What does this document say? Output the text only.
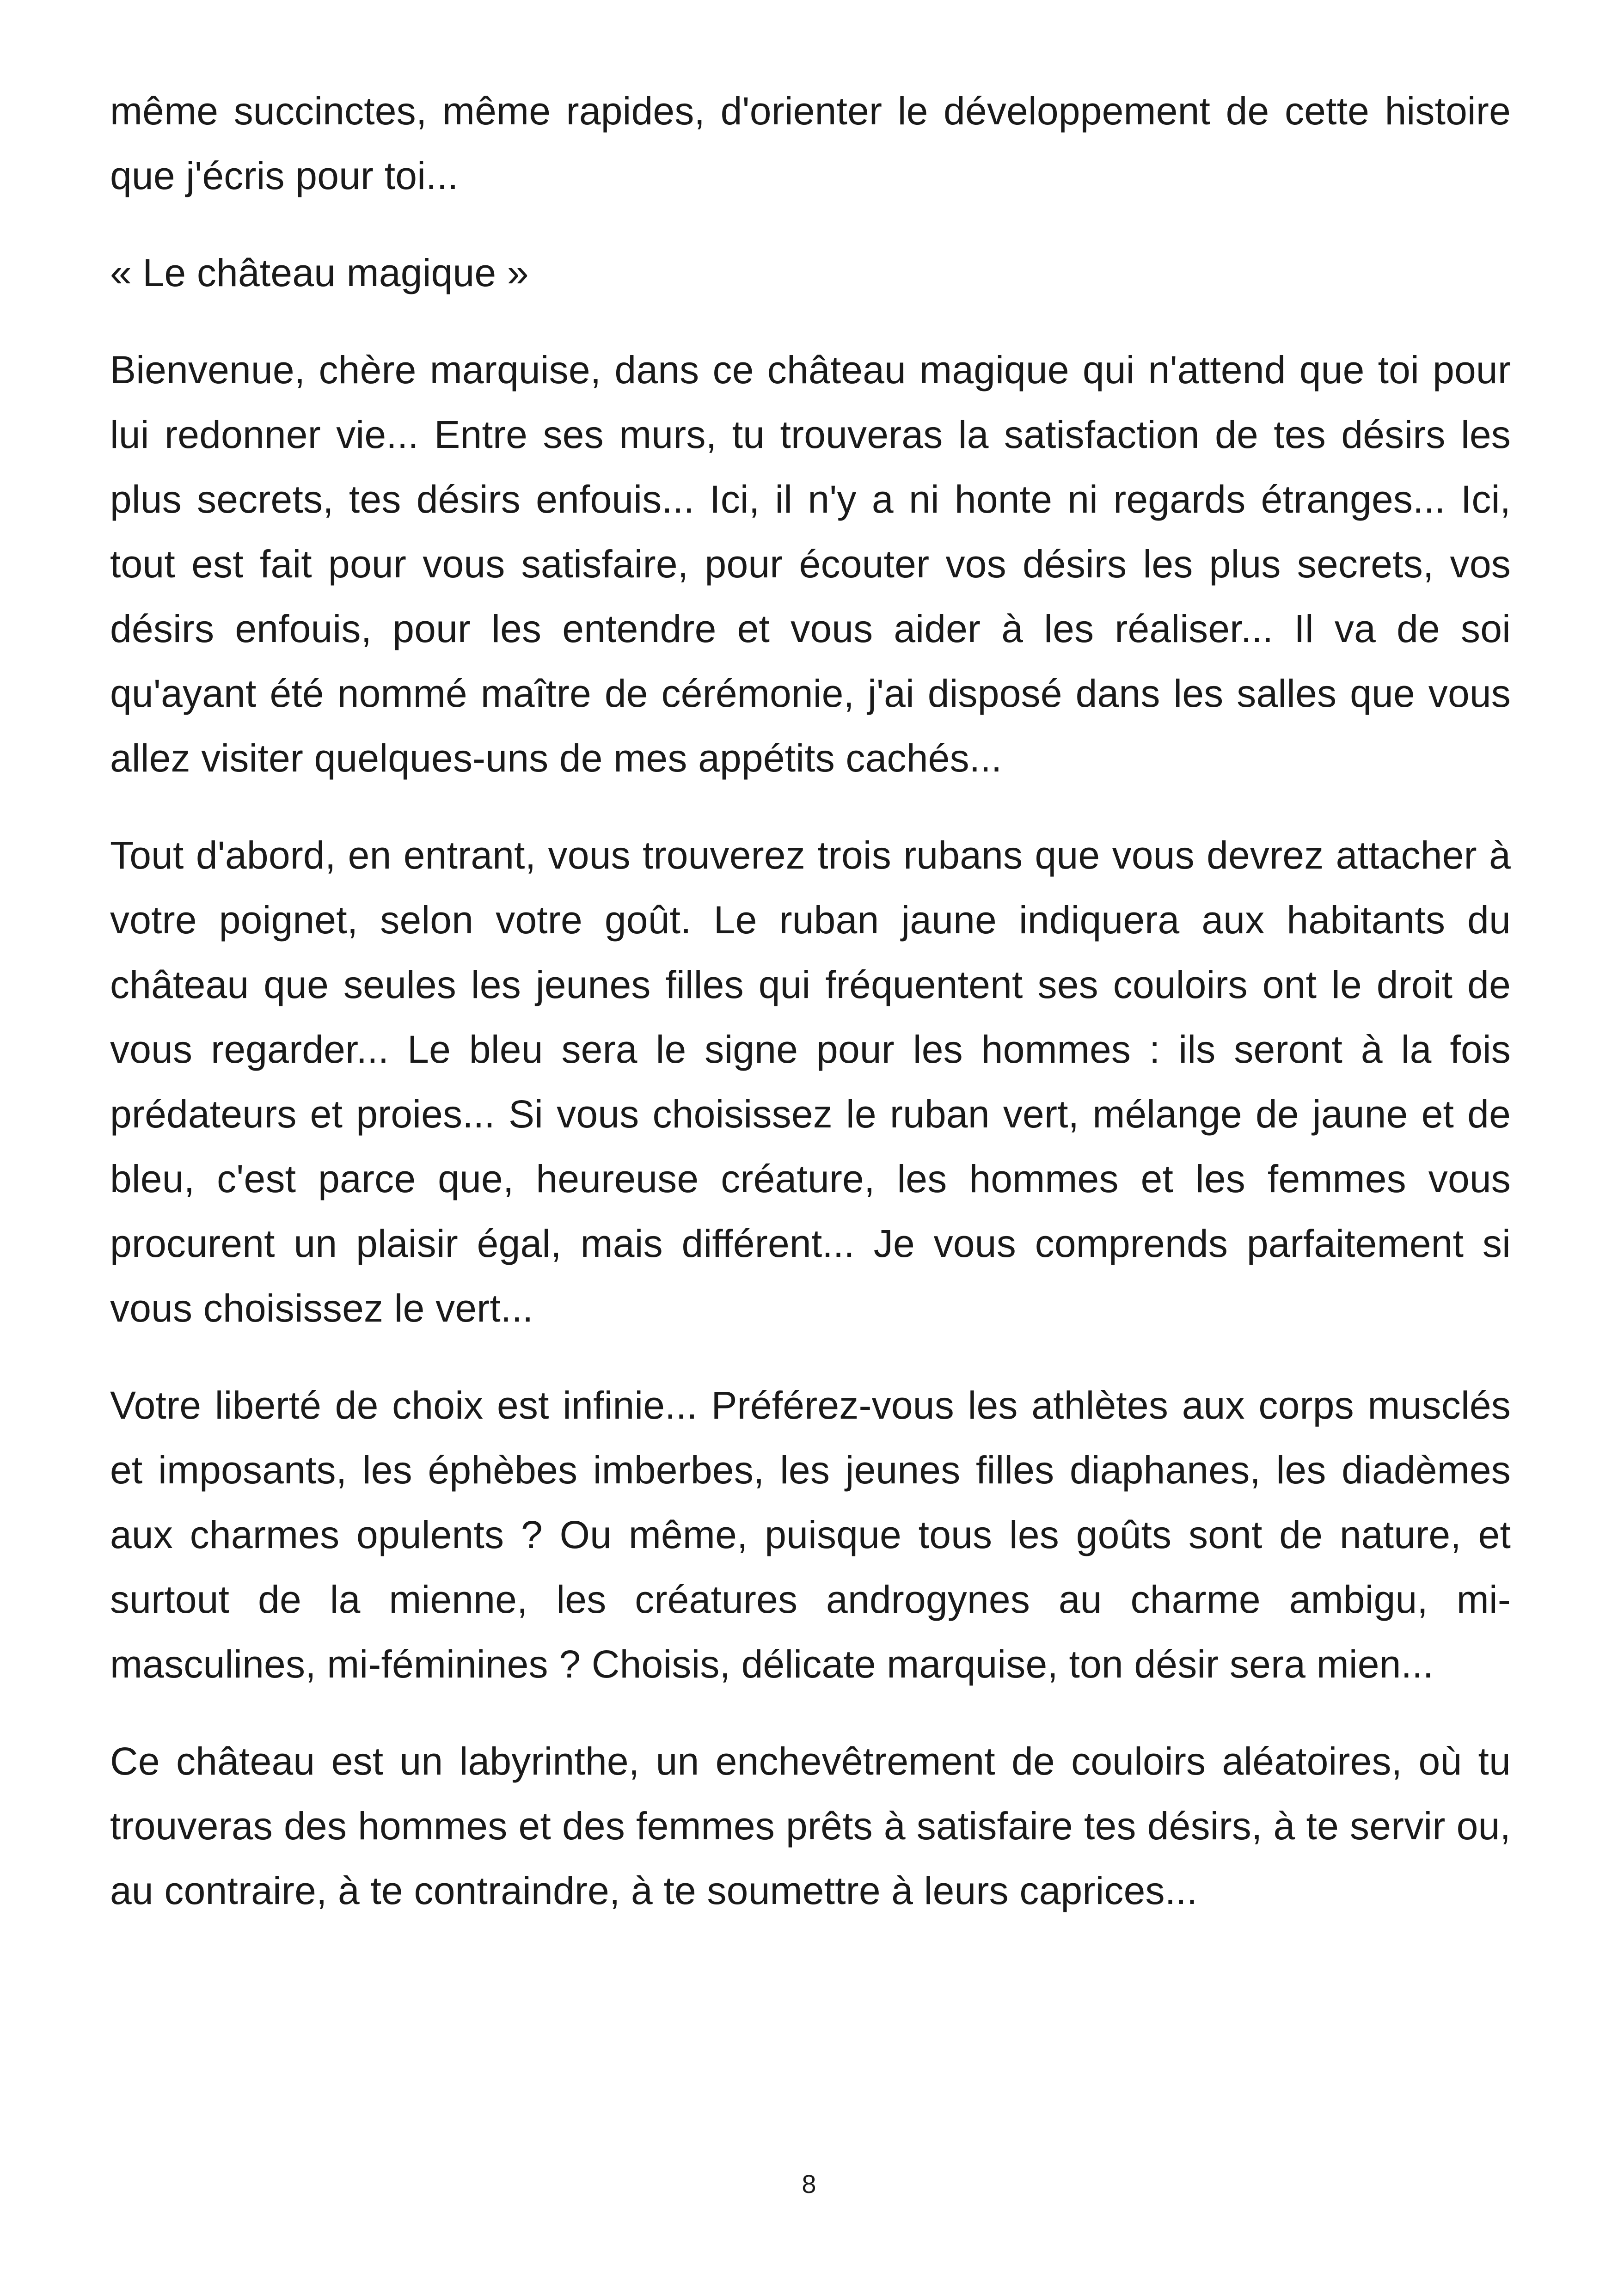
même succinctes, même rapides, d'orienter le développement de cette histoire que j'écris pour toi...

« Le château magique »

Bienvenue, chère marquise, dans ce château magique qui n'attend que toi pour lui redonner vie... Entre ses murs, tu trouveras la satisfaction de tes désirs les plus secrets, tes désirs enfouis... Ici, il n'y a ni honte ni regards étranges... Ici, tout est fait pour vous satisfaire, pour écouter vos désirs les plus secrets, vos désirs enfouis, pour les entendre et vous aider à les réaliser... Il va de soi qu'ayant été nommé maître de cérémonie, j'ai disposé dans les salles que vous allez visiter quelques-uns de mes appétits cachés...

Tout d'abord, en entrant, vous trouverez trois rubans que vous devrez attacher à votre poignet, selon votre goût. Le ruban jaune indiquera aux habitants du château que seules les jeunes filles qui fréquentent ses couloirs ont le droit de vous regarder... Le bleu sera le signe pour les hommes : ils seront à la fois prédateurs et proies... Si vous choisissez le ruban vert, mélange de jaune et de bleu, c'est parce que, heureuse créature, les hommes et les femmes vous procurent un plaisir égal, mais différent... Je vous comprends parfaitement si vous choisissez le vert...

Votre liberté de choix est infinie... Préférez-vous les athlètes aux corps musclés et imposants, les éphèbes imberbes, les jeunes filles diaphanes, les diadèmes aux charmes opulents ? Ou même, puisque tous les goûts sont de nature, et surtout de la mienne, les créatures androgynes au charme ambigu, mi-masculines, mi-féminines ? Choisis, délicate marquise, ton désir sera mien...

Ce château est un labyrinthe, un enchevêtrement de couloirs aléatoires, où tu trouveras des hommes et des femmes prêts à satisfaire tes désirs, à te servir ou, au contraire, à te contraindre, à te soumettre à leurs caprices...

8
